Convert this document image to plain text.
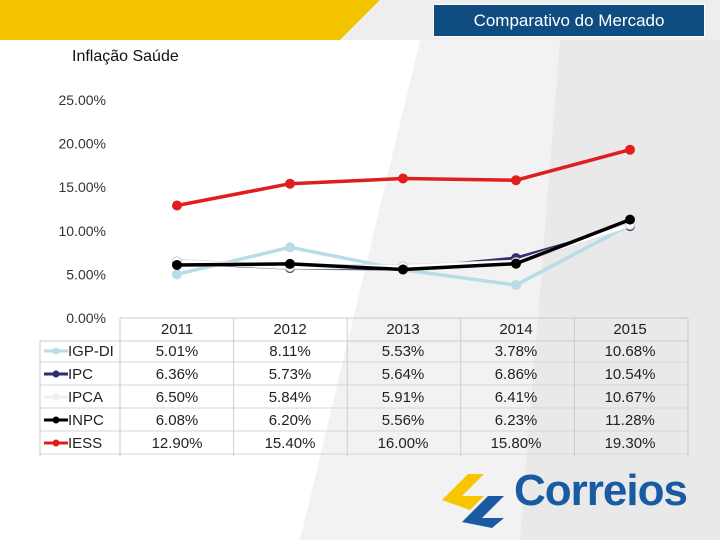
Comparativo do Mercado
Inflação Saúde
0.00%
5.00%
10.00%
15.00%
20.00%
25.00%
2011	2012	2013	2014	2015
IGP-DI	5.01%	8.11%	5.53%	3.78%	10.68%
IPC	6.36%	5.73%	5.64%	6.86%	10.54%
IPCA	6.50%	5.84%	5.91%	6.41%	10.67%
INPC	6.08%	6.20%	5.56%	6.23%	11.28%
IESS	12.90%	15.40%	16.00%	15.80%	19.30%
Correios
